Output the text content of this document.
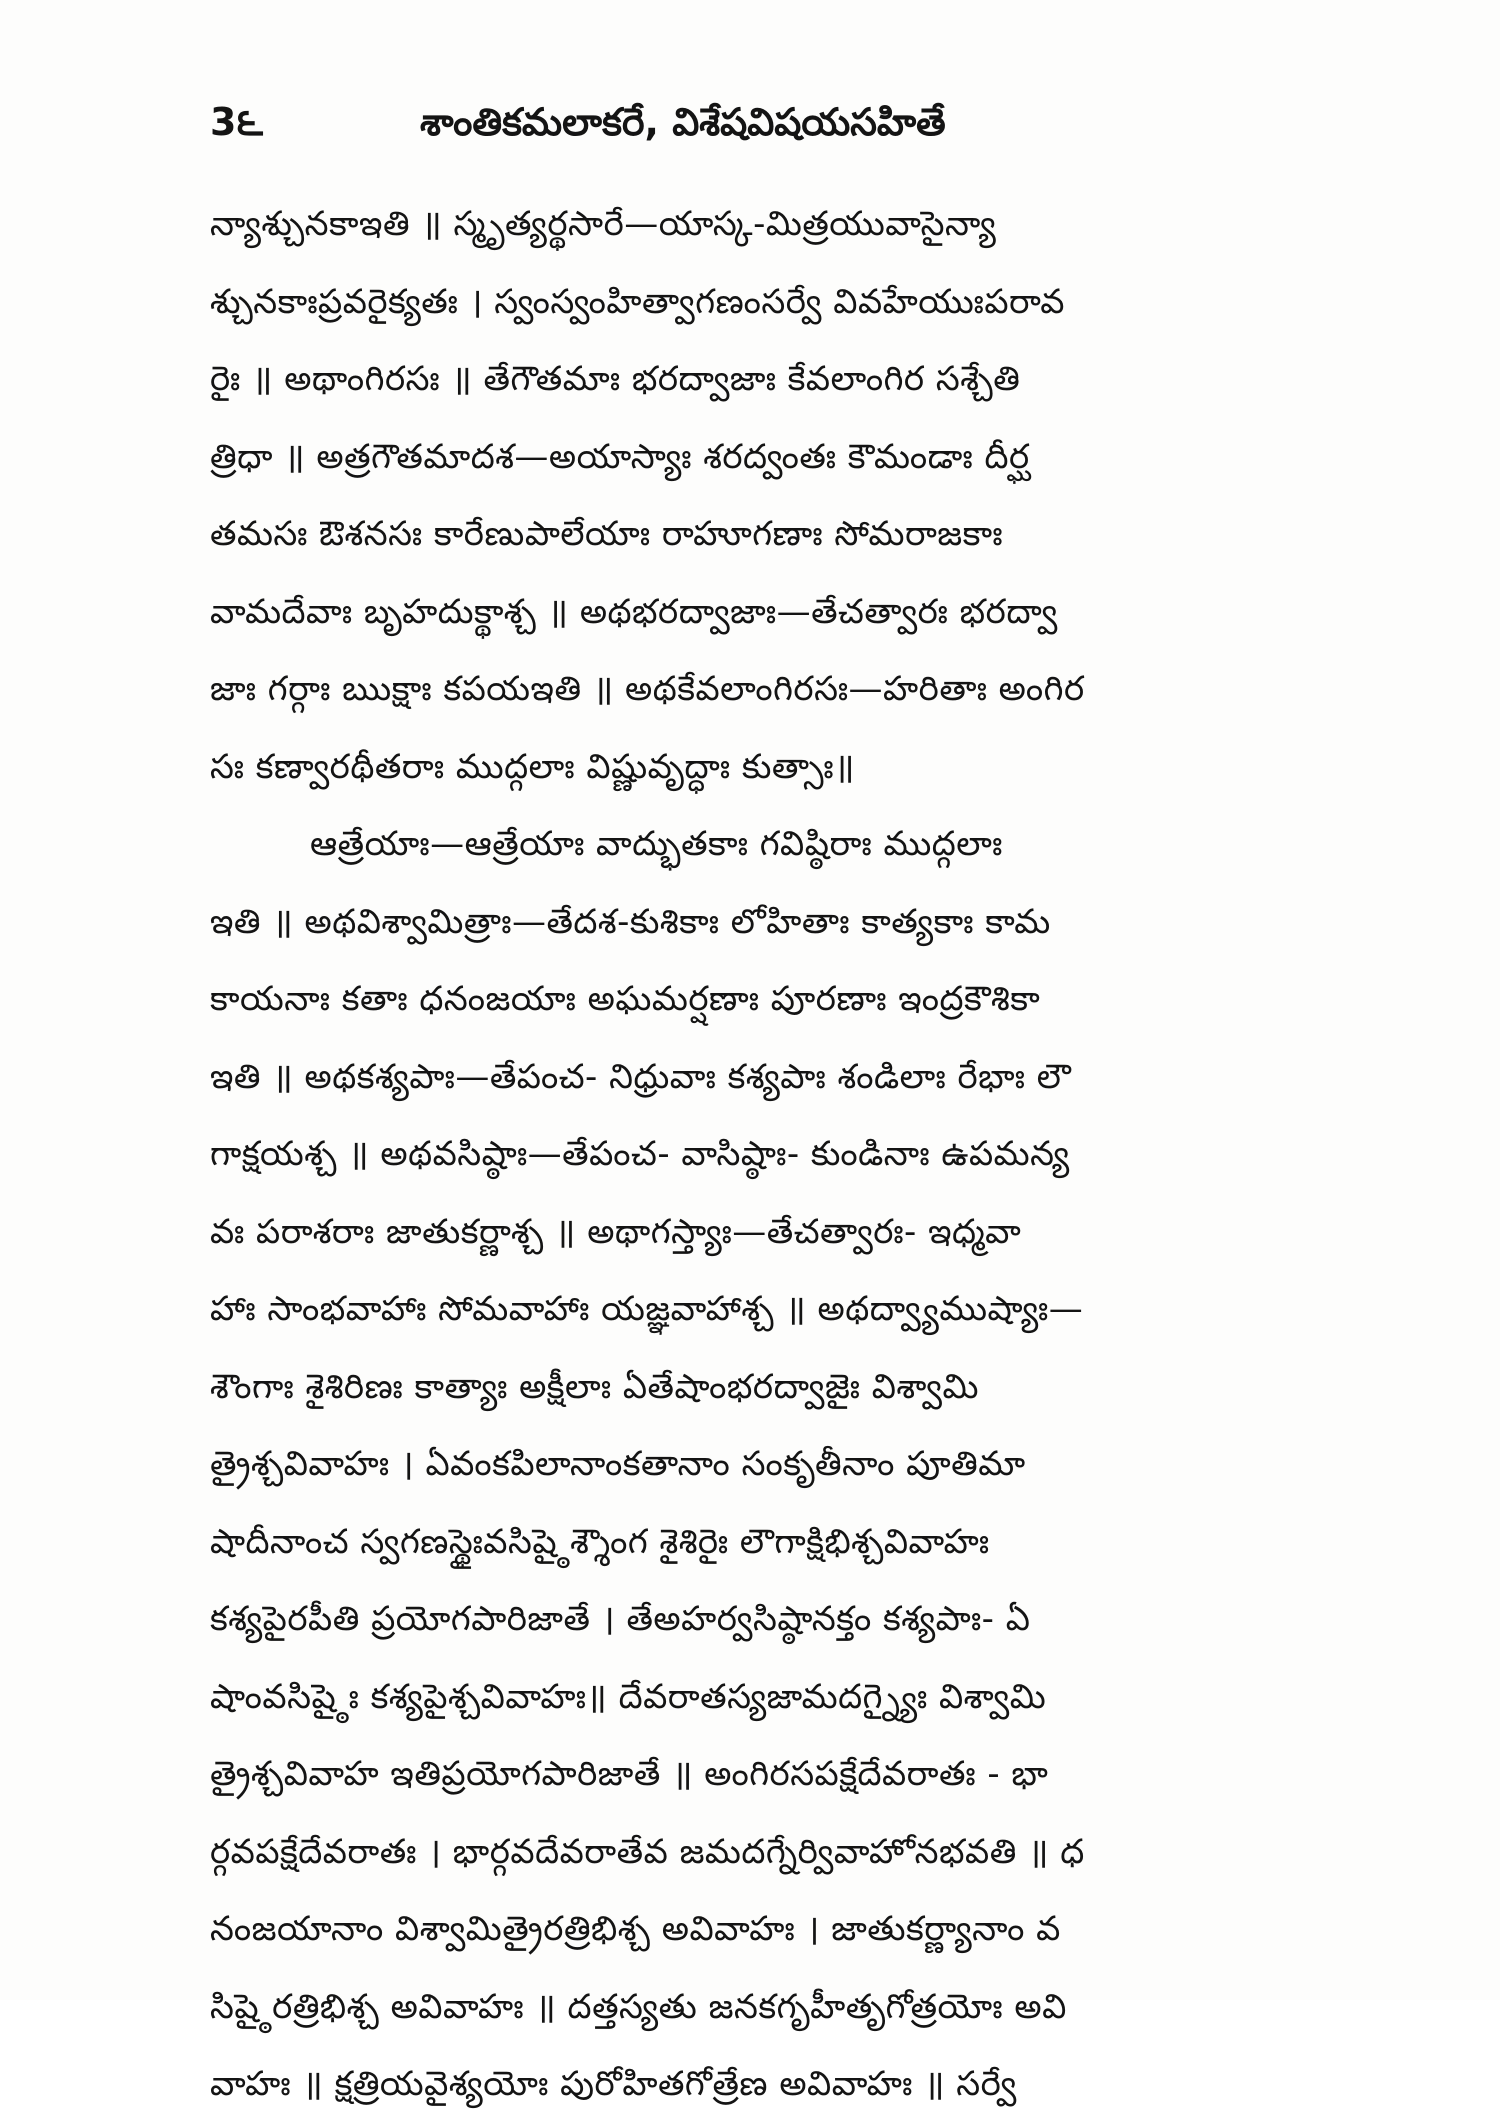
3౬	శాంతికమలాకరే, విశేషవిషయసహితే
న్యాశ్చునకాఇతి ॥ స్మృత్యర్థసారే—యాస్క-మిత్రయువాసైన్యా
శ్చునకాఃప్రవరైక్యతః । స్వంస్వంహిత్వాగణంసర్వే వివహేయుఃపరావ
రైః ॥ అథాంగిరసః ॥ తేగౌతమాః భరద్వాజాః కేవలాంగిర సశ్చేతి
త్రిధా ॥ అత్రగౌతమాదశ—అయాస్యాః శరద్వంతః కౌమండాః దీర్ఘ
తమసః ఔశనసః కారేణుపాలేయాః రాహూగణాః సోమరాజకాః
వామదేవాః బృహదుక్థాశ్చ ॥ అథభరద్వాజాః—తేచత్వారః భరద్వా
జాః గర్గాః ఋక్షాః కపయఇతి ॥ అథకేవలాంగిరసః—హరితాః అంగిర
సః కణ్వారథీతరాః ముద్గలాః విష్ణువృద్ధాః కుత్సాః॥
ఆత్రేయాః—ఆత్రేయాః వాద్భుతకాః గవిష్ఠిరాః ముద్గలాః
ఇతి ॥ అథవిశ్వామిత్రాః—తేదశ-కుశికాః లోహితాః కాత్యకాః కామ
కాయనాః కతాః ధనంజయాః అఘమర్షణాః పూరణాః ఇంద్రకౌశికా
ఇతి ॥ అథకశ్యపాః—తేపంచ- నిధ్రువాః కశ్యపాః శండిలాః రేభాః లౌ
గాక్షయశ్చ ॥ అథవసిష్ఠాః—తేపంచ- వాసిష్ఠాః- కుండినాః ఉపమన్య
వః పరాశరాః జాతుకర్ణాశ్చ ॥ అథాగస్త్యాః—తేచత్వారః- ఇధ్మవా
హాః సాంభవాహాః సోమవాహాః యజ్ఞవాహాశ్చ ॥ అథద్వ్యాముష్యాః—
శౌంగాః శైశిరిణః కాత్యాః అక్షీలాః ఏతేషాంభరద్వాజైః విశ్వామి
త్రైశ్చవివాహః । ఏవంకపిలానాంకతానాం సంకృతీనాం పూతిమా
షాదీనాంచ స్వగణస్థైఃవసిష్ఠైశ్శౌంగ శైశిరైః లౌగాక్షిభిశ్చవివాహః
కశ్యపైరపీతి ప్రయోగపారిజాతే । తేఅహర్వసిష్ఠానక్తం కశ్యపాః- ఏ
షాంవసిష్ఠైః కశ్యపైశ్చవివాహః॥ దేవరాతస్యజామదగ్న్యైః విశ్వామి
త్రైశ్చవివాహ ఇతిప్రయోగపారిజాతే ॥ అంగిరసపక్షేదేవరాతః - భా
ర్గవపక్షేదేవరాతః । భార్గవదేవరాతేవ జమదగ్నేర్వివాహోనభవతి ॥ ధ
నంజయానాం విశ్వామిత్రైరత్రిభిశ్చ అవివాహః । జాతుకర్ణ్యానాం వ
సిష్ఠైరత్రిభిశ్చ అవివాహః ॥ దత్తస్యతు జనకగృహీతృగోత్రయోః అవి
వాహః ॥ క్షత్రియవైశ్యయోః పురోహితగోత్రేణ అవివాహః ॥ సర్వే
